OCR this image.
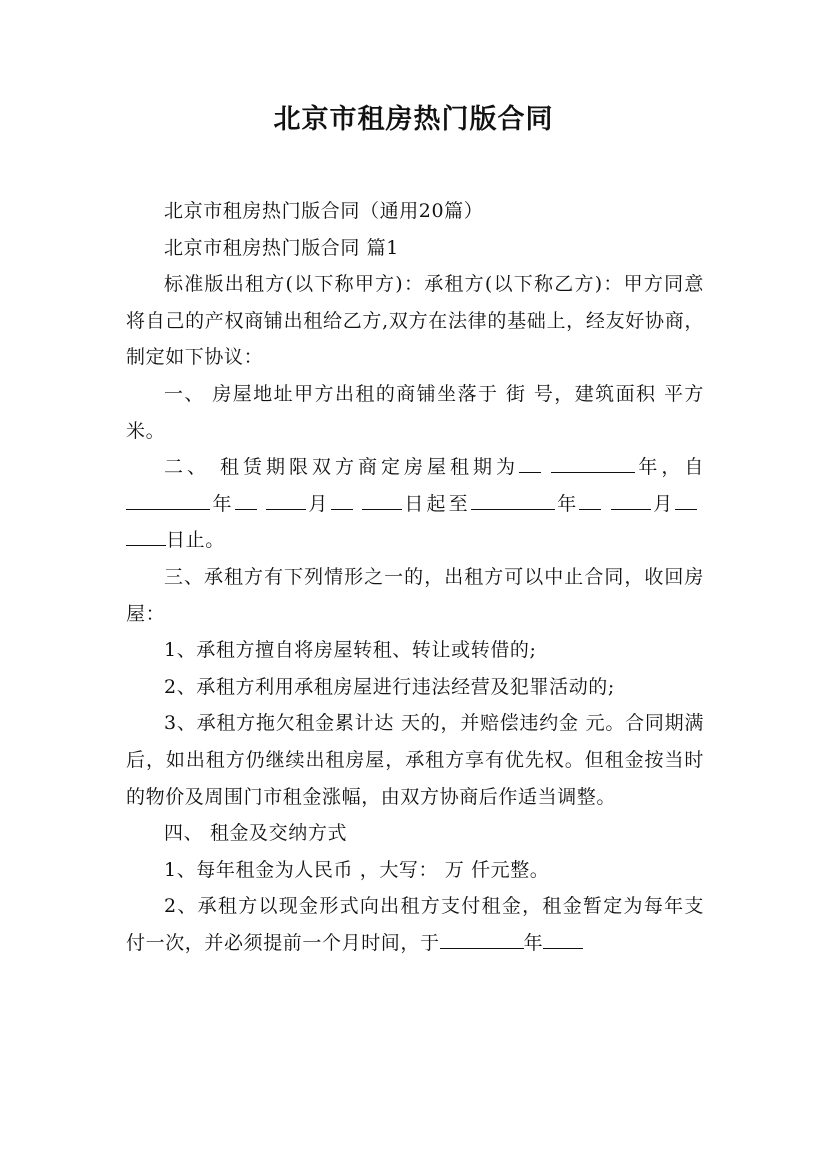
北京市租房热门版合同

北京市租房热门版合同（通用20篇）

北京市租房热门版合同 篇1

标准版出租方(以下称甲方)：承租方(以下称乙方)：甲方同意将自己的产权商铺出租给乙方,双方在法律的基础上，经友好协商，制定如下协议：

一、 房屋地址甲方出租的商铺坐落于 街 号，建筑面积 平方米。

二、 租赁期限双方商定房屋租期为	年，自年	月	日起至	年	月 日止。

三、承租方有下列情形之一的，出租方可以中止合同，收回房屋：

1、承租方擅自将房屋转租、转让或转借的;

2、承租方利用承租房屋进行违法经营及犯罪活动的;

3、承租方拖欠租金累计达 天的，并赔偿违约金 元。合同期满后，如出租方仍继续出租房屋，承租方享有优先权。但租金按当时的物价及周围门市租金涨幅，由双方协商后作适当调整。

四、 租金及交纳方式

1、每年租金为人民币 ，大写： 万 仟元整。

2、承租方以现金形式向出租方支付租金，租金暂定为每年支付一次，并必须提前一个月时间，于	年
